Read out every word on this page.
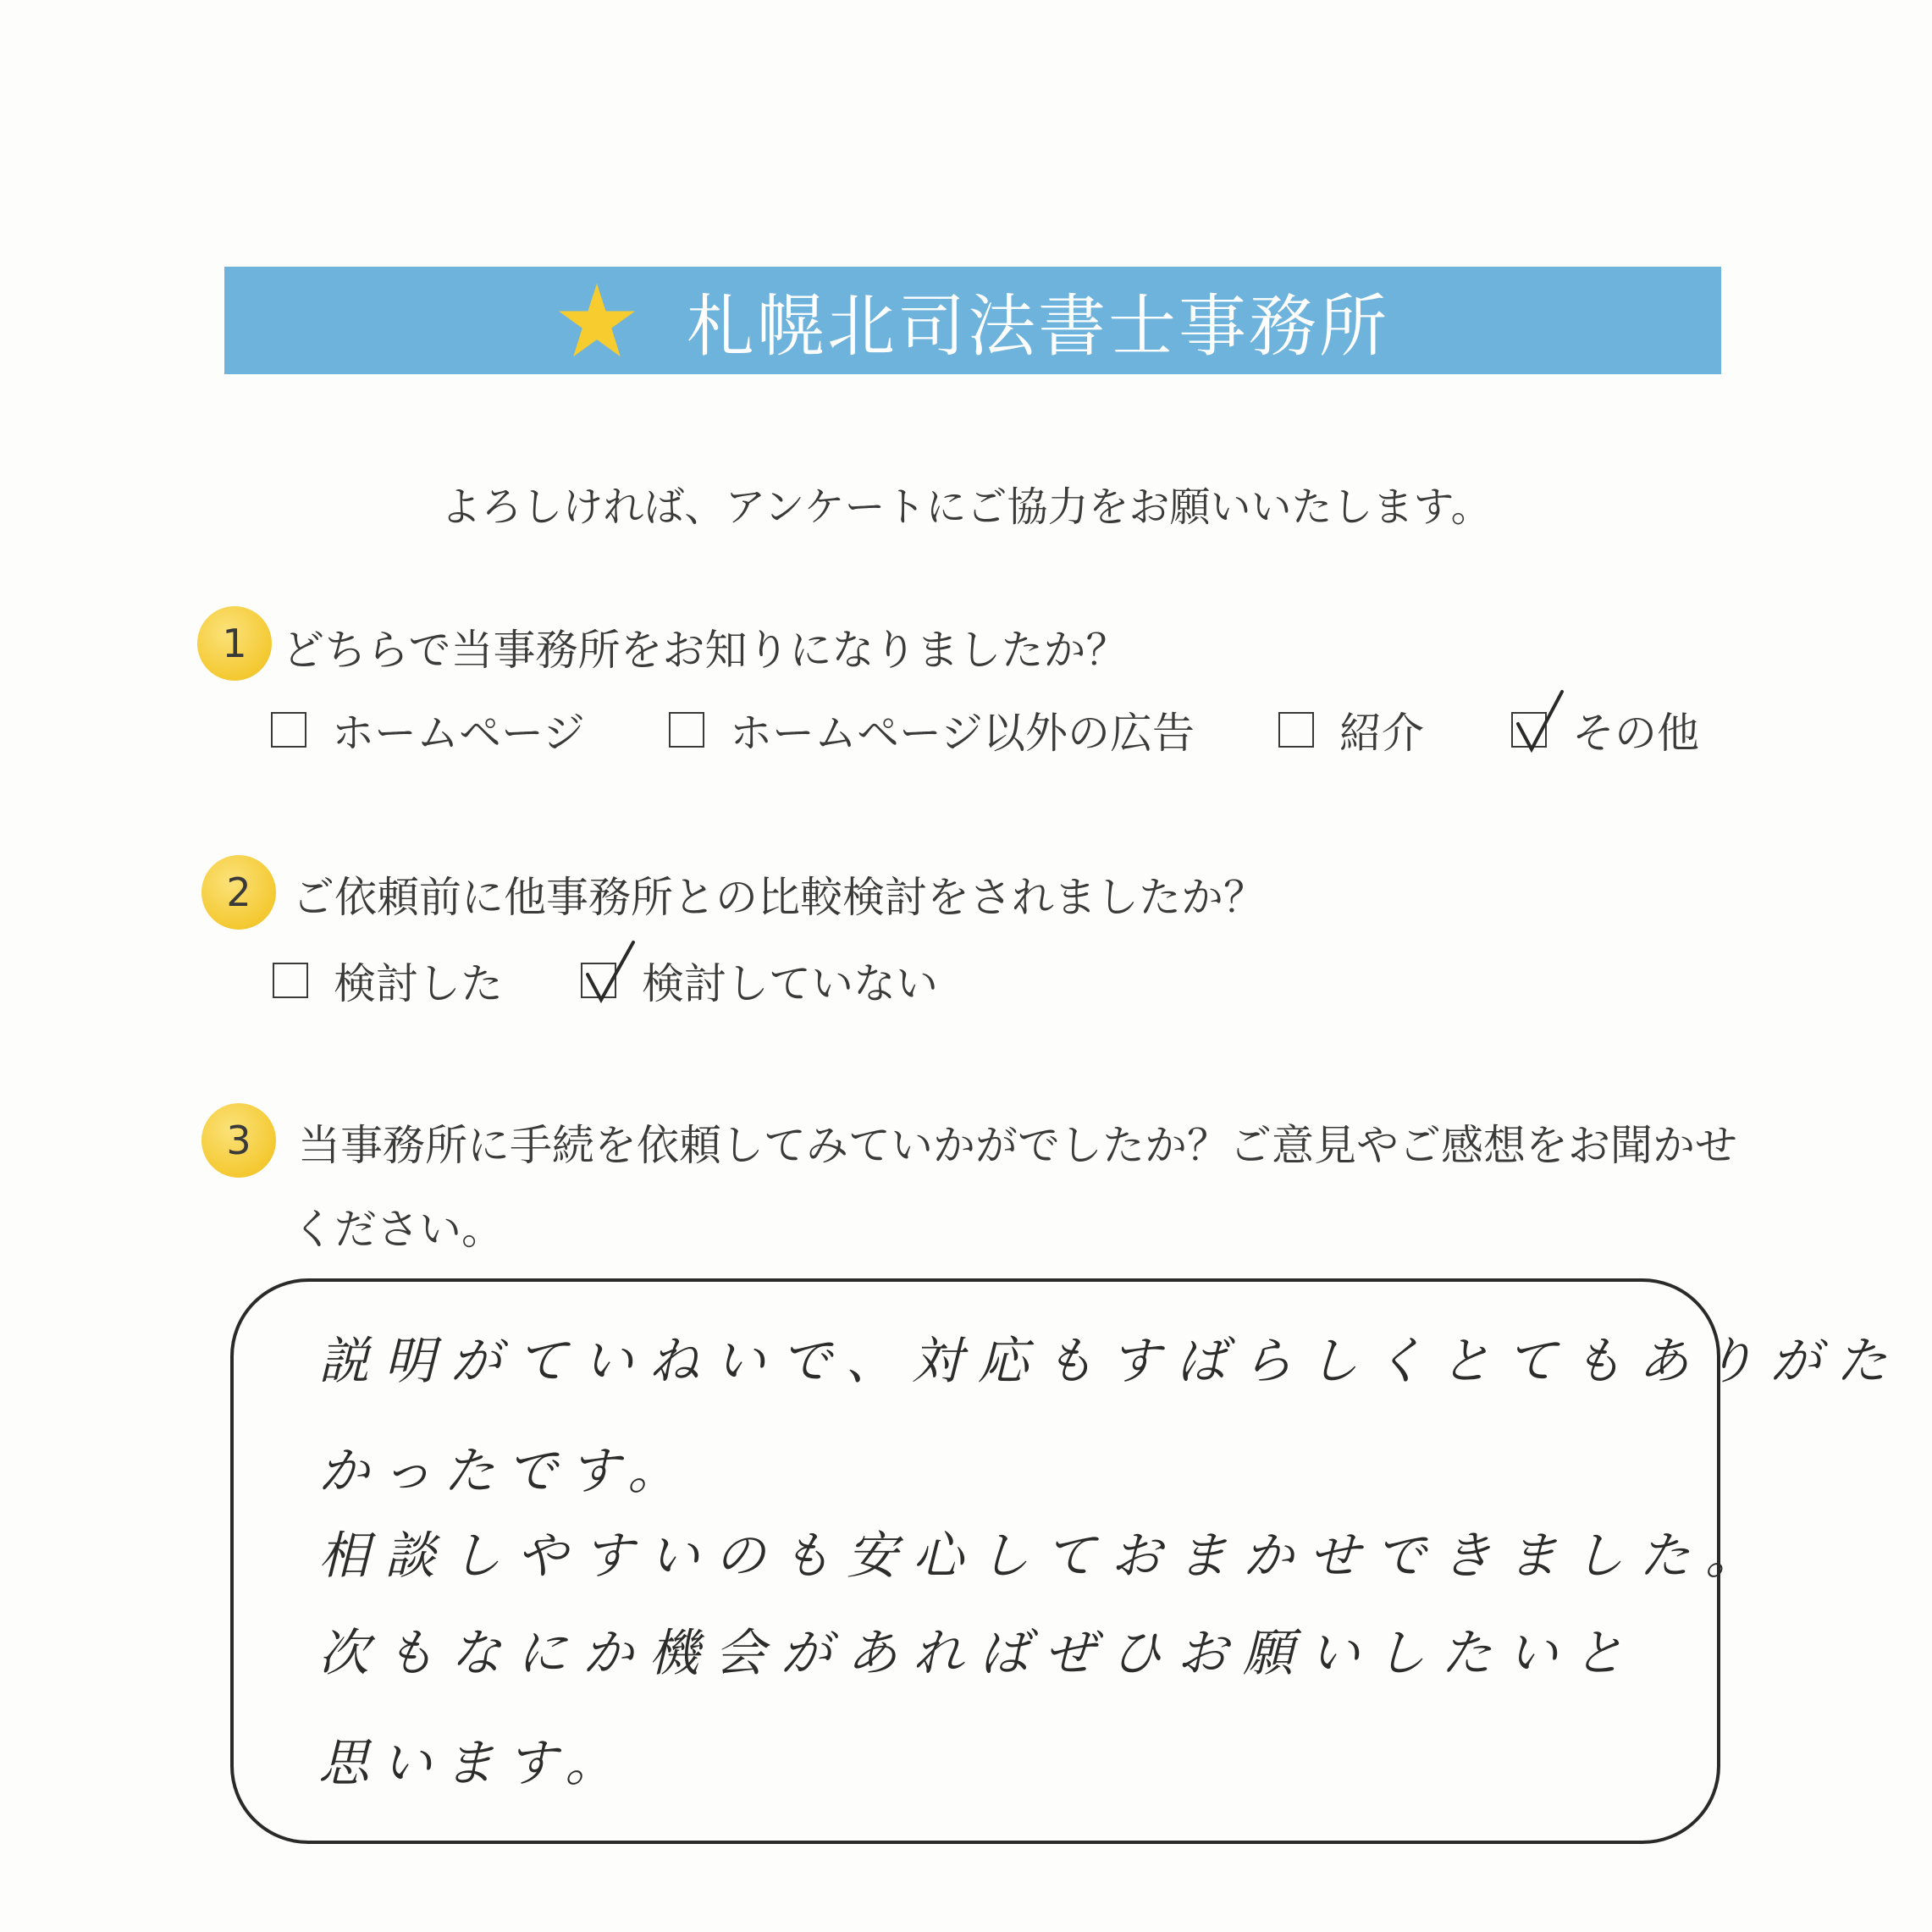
札幌北司法書士事務所
よろしければ、アンケートにご協力をお願いいたします。
1 どちらで当事務所をお知りになりましたか？
ホームページ	ホームページ以外の広告	紹介	その他
2 ご依頼前に他事務所との比較検討をされましたか？
検討した	検討していない
3	当事務所に手続を依頼してみていかがでしたか？ご意見やご感想をお聞かせ
ください。
説明がていねいで、対応もすばらしくとてもありがた
かったです。
相談しやすいのも安心しておまかせできました。
次もなにか機会があればぜひお願いしたいと
思います。
